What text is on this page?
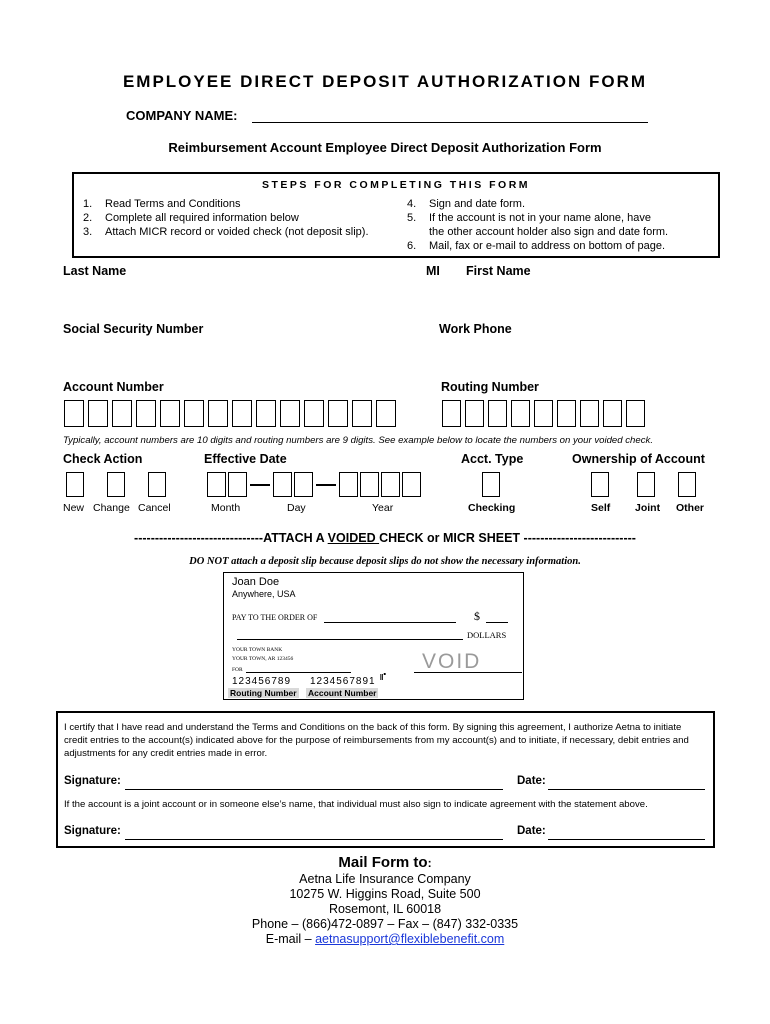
EMPLOYEE DIRECT DEPOSIT AUTHORIZATION FORM
COMPANY NAME:
Reimbursement Account Employee Direct Deposit Authorization Form
STEPS FOR COMPLETING THIS FORM
1. Read Terms and Conditions
2. Complete all required information below
3. Attach MICR record or voided check (not deposit slip).
4. Sign and date form.
5. If the account is not in your name alone, have
the other account holder also sign and date form.
6. Mail, fax or e-mail to address on bottom of page.
Last Name	MI First Name
Social Security Number	Work Phone
Account Number	Routing Number
Typically, account numbers are 10 digits and routing numbers are 9 digits. See example below to locate the numbers on your voided check.
Check Action	Effective Date	Acct. Type	Ownership of Account
New Change Cancel	Month	Day	Year	Checking	Self Joint Other
-------------------------------ATTACH A VOIDED CHECK or MICR SHEET ---------------------------
DO NOT attach a deposit slip because deposit slips do not show the necessary information.
Joan Doe
Anywhere, USA
PAY TO THE ORDER OF	$
DOLLARS
YOUR TOWN BANK
YOUR TOWN, AR 123456
FOR	VOID
123456789 1234567891 ⑈
Routing Number Account Number
I certify that I have read and understand the Terms and Conditions on the back of this form. By signing this agreement, I authorize Aetna to initiate credit entries to the account(s) indicated above for the purpose of reimbursements from my account(s) and to initiate, if necessary, debit entries and adjustments for any credit entries made in error.
Signature:	Date:
If the account is a joint account or in someone else’s name, that individual must also sign to indicate agreement with the statement above.
Signature:	Date:
Mail Form to:
Aetna Life Insurance Company
10275 W. Higgins Road, Suite 500
Rosemont, IL 60018
Phone – (866)472-0897 – Fax – (847) 332-0335
E-mail – aetnasupport@flexiblebenefit.com
